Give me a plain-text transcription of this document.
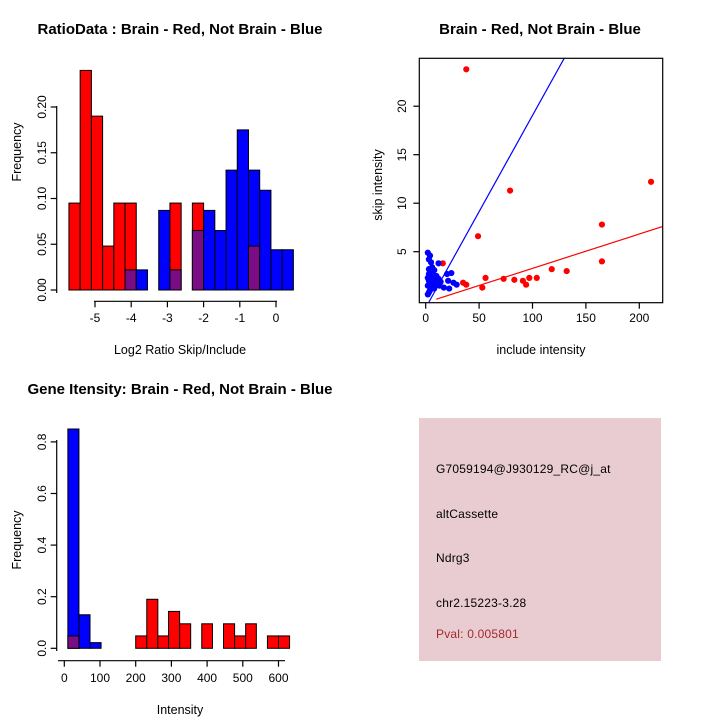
-5 -4 -3 -2 -1 0
0.00
0.05
0.10
0.15
0.20
RatioData : Brain - Red, Not Brain - Blue
Log2 Ratio Skip/Include
Frequency
0	50	100	150	200
5
10
15
20
Brain - Red, Not Brain - Blue
include intensity
skip intensity
0 100 200 300 400 500 600
0.0
0.2
0.4
0.6
0.8
Gene Itensity: Brain - Red, Not Brain - Blue
Intensity
Frequency
G7059194@J930129_RC@j_at
altCassette
Ndrg3
chr2.15223-3.28
Pval: 0.005801
